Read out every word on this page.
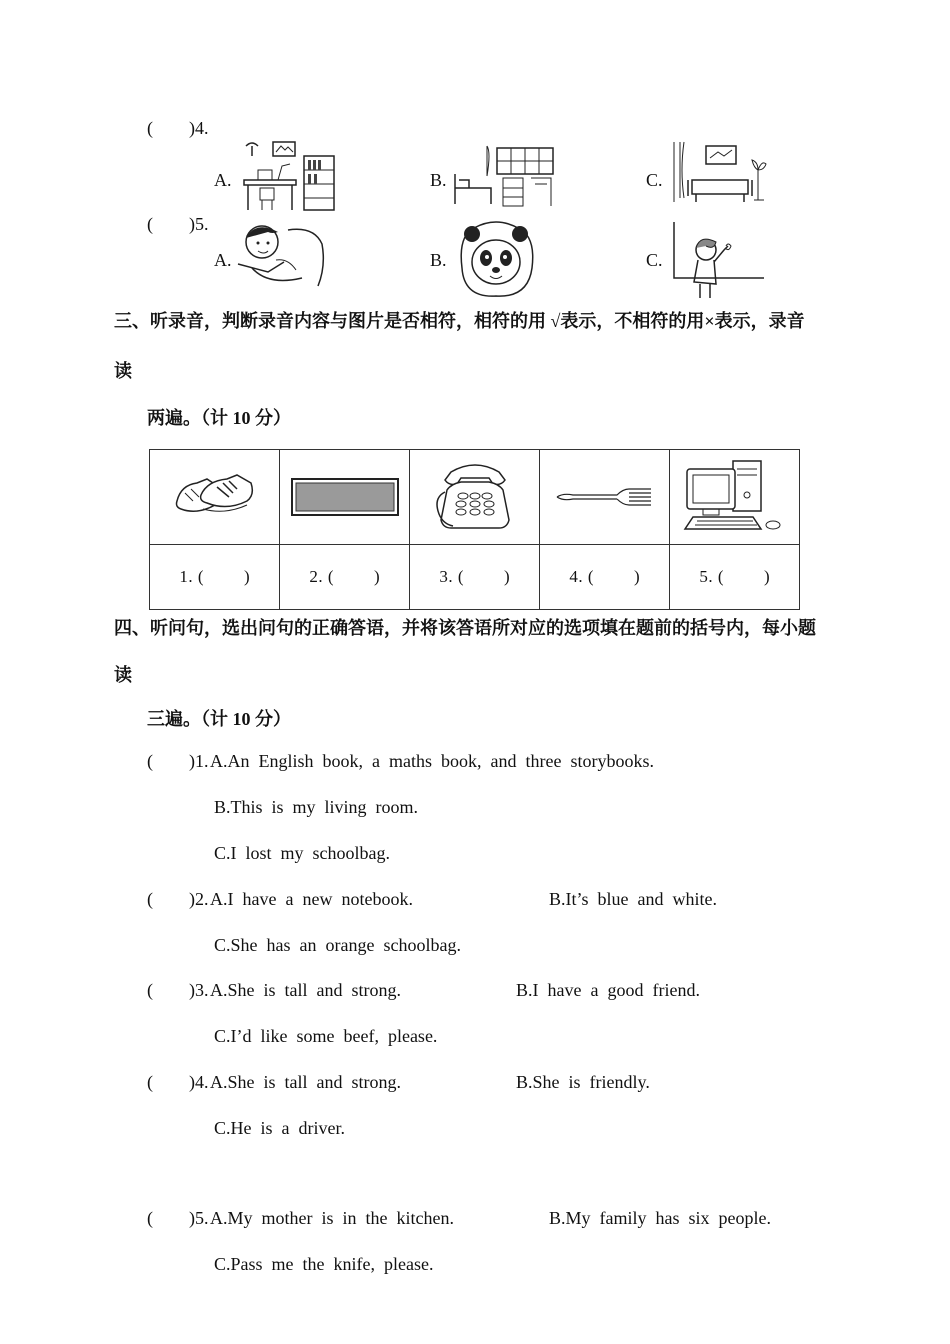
( )4.
A.	B.	C.
( )5.
A.	B.	C.
三、听录音，判断录音内容与图片是否相符，相符的用 √表示，不相符的用×表示，录音
读
两遍。（计 10 分）

1. ( )	2. ( )	3. ( )	4. ( )	5. ( )
四、听问句，选出问句的正确答语，并将该答语所对应的选项填在题前的括号内，每小题
读
三遍。（计 10 分）
( )1. A.An  English  book,  a  maths  book,  and  three  storybooks.
B.This  is  my  living  room.
C.I  lost  my  schoolbag.
( )2. A.I  have  a  new  notebook.	B.It’s  blue  and  white.
C.She  has  an  orange  schoolbag.
( )3. A.She  is  tall  and  strong.	B.I  have  a  good  friend.
C.I’d  like  some  beef,  please.
( )4. A.She  is  tall  and  strong.	B.She  is  friendly.
C.He  is  a  driver.
( )5. A.My  mother  is  in  the  kitchen.	B.My  family  has  six  people.
C.Pass  me  the  knife,  please.
